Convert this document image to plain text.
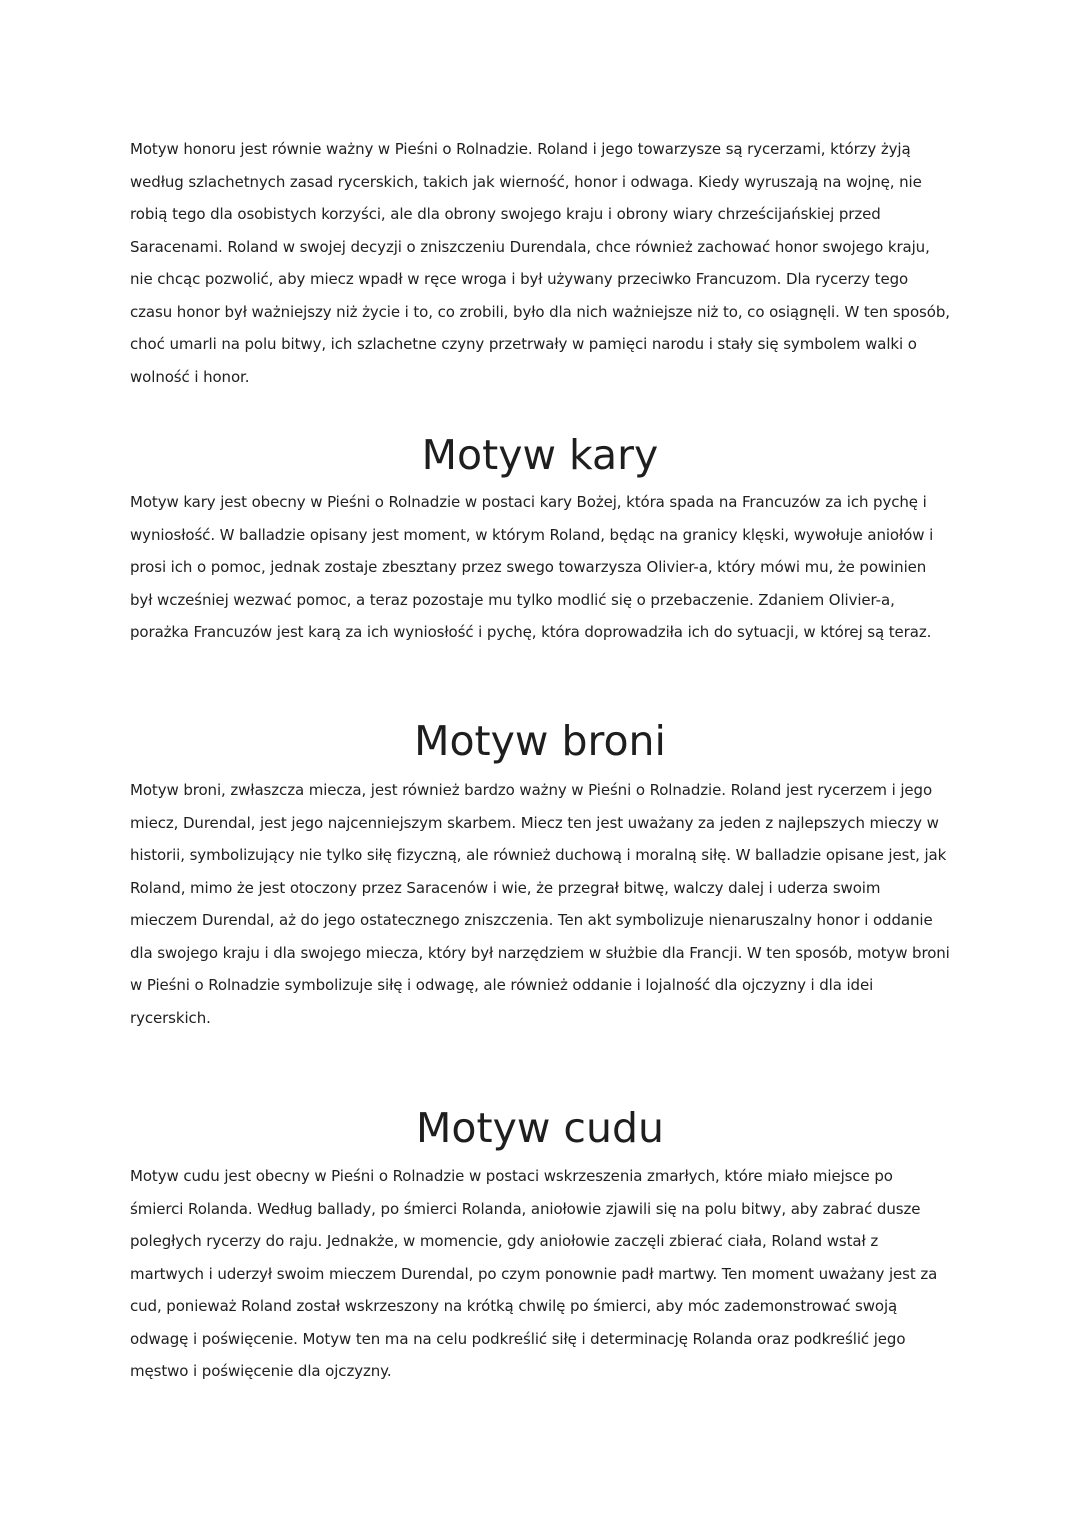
Motyw honoru jest równie ważny w Pieśni o Rolnadzie. Roland i jego towarzysze są rycerzami, którzy żyją według szlachetnych zasad rycerskich, takich jak wierność, honor i odwaga. Kiedy wyruszają na wojnę, nie robią tego dla osobistych korzyści, ale dla obrony swojego kraju i obrony wiary chrześcijańskiej przed Saracenami. Roland w swojej decyzji o zniszczeniu Durendala, chce również zachować honor swojego kraju, nie chcąc pozwolić, aby miecz wpadł w ręce wroga i był używany przeciwko Francuzom. Dla rycerzy tego czasu honor był ważniejszy niż życie i to, co zrobili, było dla nich ważniejsze niż to, co osiągnęli. W ten sposób, choć umarli na polu bitwy, ich szlachetne czyny przetrwały w pamięci narodu i stały się symbolem walki o wolność i honor.

Motyw kary

Motyw kary jest obecny w Pieśni o Rolnadzie w postaci kary Bożej, która spada na Francuzów za ich pychę i wyniosłość. W balladzie opisany jest moment, w którym Roland, będąc na granicy klęski, wywołuje aniołów i prosi ich o pomoc, jednak zostaje zbesztany przez swego towarzysza Olivier-a, który mówi mu, że powinien był wcześniej wezwać pomoc, a teraz pozostaje mu tylko modlić się o przebaczenie. Zdaniem Olivier-a, porażka Francuzów jest karą za ich wyniosłość i pychę, która doprowadziła ich do sytuacji, w której są teraz.

Motyw broni

Motyw broni, zwłaszcza miecza, jest również bardzo ważny w Pieśni o Rolnadzie. Roland jest rycerzem i jego miecz, Durendal, jest jego najcenniejszym skarbem. Miecz ten jest uważany za jeden z najlepszych mieczy w historii, symbolizujący nie tylko siłę fizyczną, ale również duchową i moralną siłę. W balladzie opisane jest, jak Roland, mimo że jest otoczony przez Saracenów i wie, że przegrał bitwę, walczy dalej i uderza swoim mieczem Durendal, aż do jego ostatecznego zniszczenia. Ten akt symbolizuje nienaruszalny honor i oddanie dla swojego kraju i dla swojego miecza, który był narzędziem w służbie dla Francji. W ten sposób, motyw broni w Pieśni o Rolnadzie symbolizuje siłę i odwagę, ale również oddanie i lojalność dla ojczyzny i dla idei rycerskich.

Motyw cudu

Motyw cudu jest obecny w Pieśni o Rolnadzie w postaci wskrzeszenia zmarłych, które miało miejsce po śmierci Rolanda. Według ballady, po śmierci Rolanda, aniołowie zjawili się na polu bitwy, aby zabrać dusze poległych rycerzy do raju. Jednakże, w momencie, gdy aniołowie zaczęli zbierać ciała, Roland wstał z martwych i uderzył swoim mieczem Durendal, po czym ponownie padł martwy. Ten moment uważany jest za cud, ponieważ Roland został wskrzeszony na krótką chwilę po śmierci, aby móc zademonstrować swoją odwagę i poświęcenie. Motyw ten ma na celu podkreślić siłę i determinację Rolanda oraz podkreślić jego męstwo i poświęcenie dla ojczyzny.
